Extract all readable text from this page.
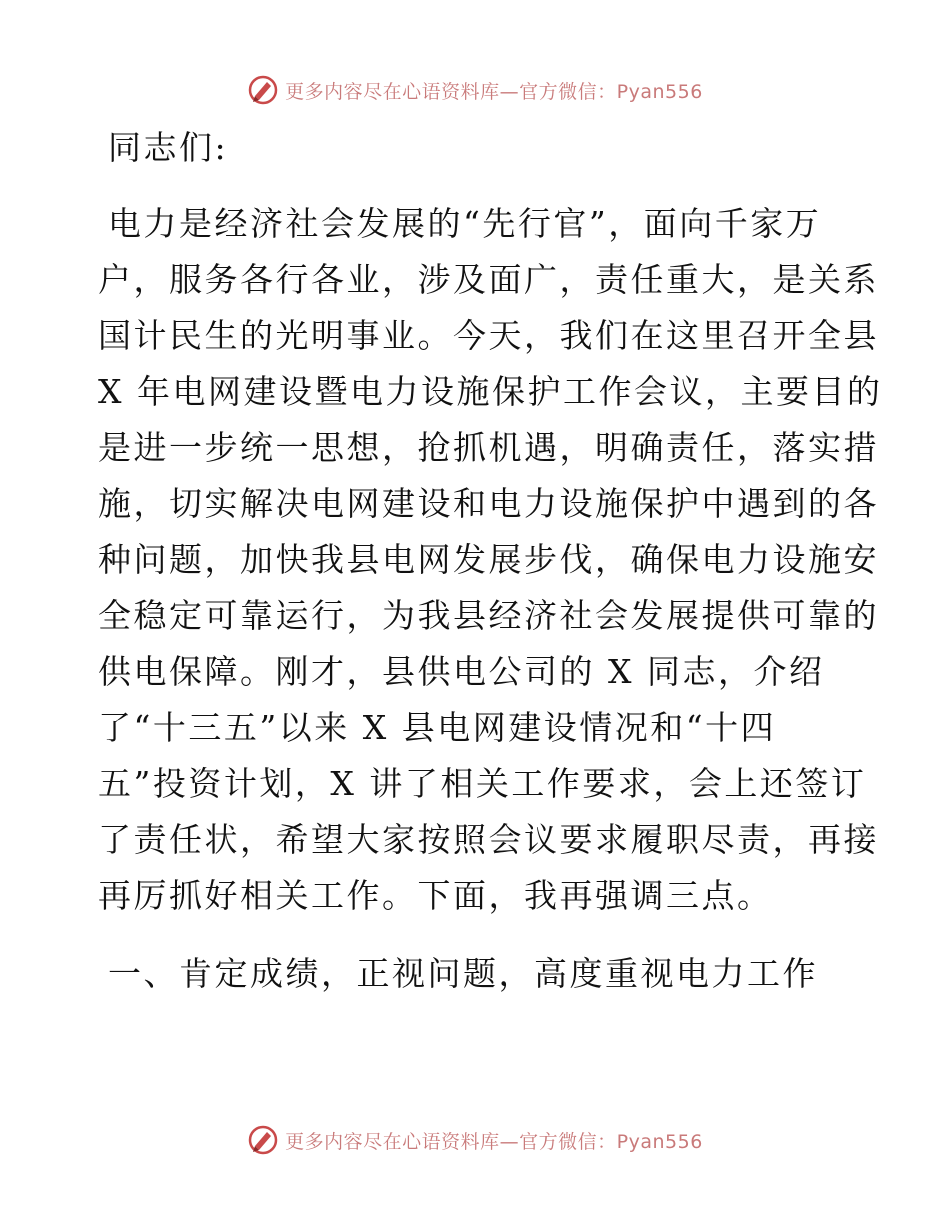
更多内容尽在心语资料库—官方微信：Pyan556
同志们:
电力是经济社会发展的“先行官”，面向千家万
户，服务各行各业，涉及面广，责任重大，是关系
国计民生的光明事业。今天，我们在这里召开全县
X 年电网建设暨电力设施保护工作会议，主要目的
是进一步统一思想，抢抓机遇，明确责任，落实措
施，切实解决电网建设和电力设施保护中遇到的各
种问题，加快我县电网发展步伐，确保电力设施安
全稳定可靠运行，为我县经济社会发展提供可靠的
供电保障。刚才，县供电公司的 X 同志，介绍
了“十三五”以来 X 县电网建设情况和“十四
五”投资计划，X 讲了相关工作要求，会上还签订
了责任状，希望大家按照会议要求履职尽责，再接
再厉抓好相关工作。下面，我再强调三点。
一、肯定成绩，正视问题，高度重视电力工作
更多内容尽在心语资料库—官方微信：Pyan556
